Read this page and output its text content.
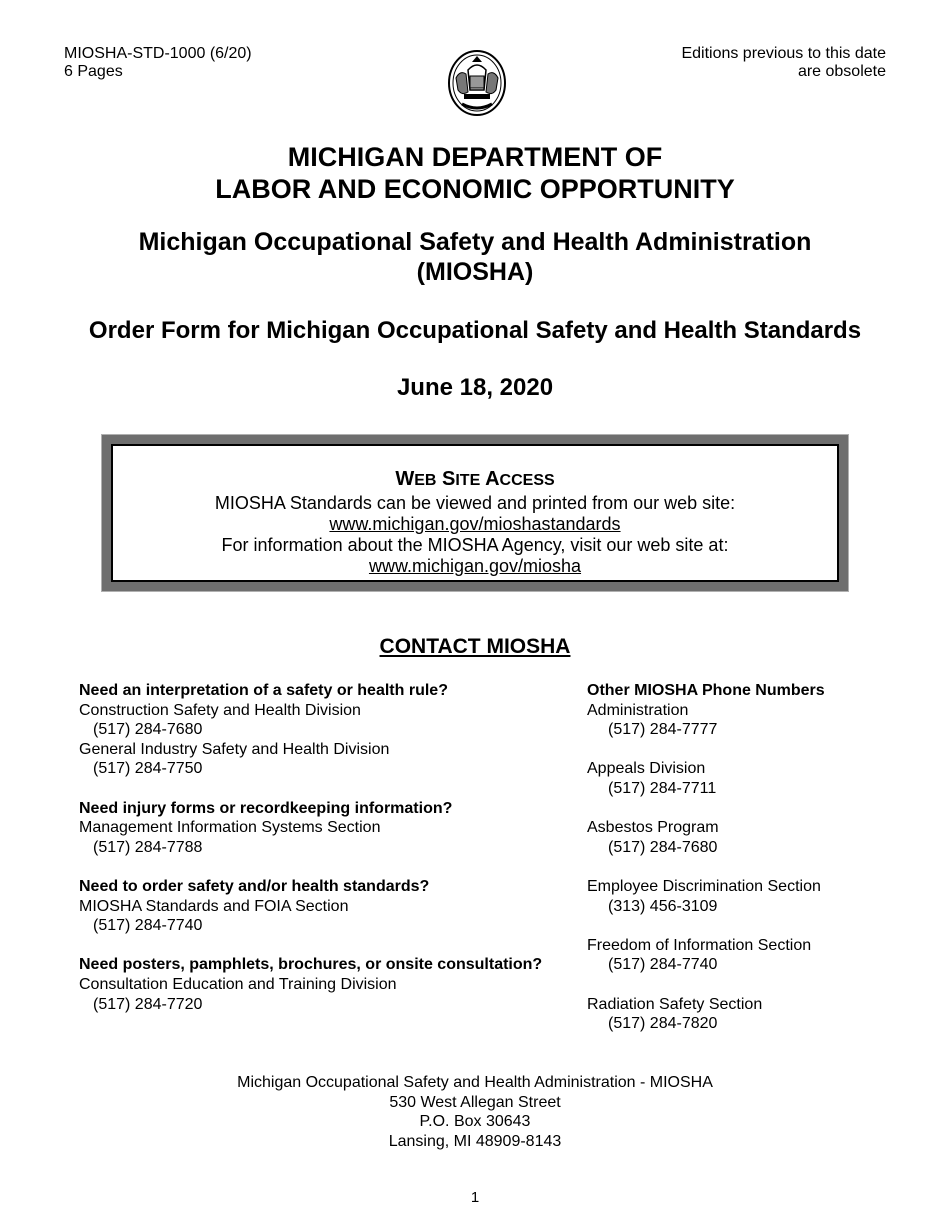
MIOSHA-STD-1000 (6/20)
6 Pages
Editions previous to this date
are obsolete
MICHIGAN DEPARTMENT OF
LABOR AND ECONOMIC OPPORTUNITY
Michigan Occupational Safety and Health Administration
(MIOSHA)
Order Form for Michigan Occupational Safety and Health Standards
June 18, 2020
WEB SITE ACCESS
MIOSHA Standards can be viewed and printed from our web site:
www.michigan.gov/mioshastandards
For information about the MIOSHA Agency, visit our web site at:
www.michigan.gov/miosha
CONTACT MIOSHA
Need an interpretation of a safety or health rule?
Construction Safety and Health Division
(517) 284-7680
General Industry Safety and Health Division
(517) 284-7750
Need injury forms or recordkeeping information?
Management Information Systems Section
(517) 284-7788
Need to order safety and/or health standards?
MIOSHA Standards and FOIA Section
(517) 284-7740
Need posters, pamphlets, brochures, or onsite consultation?
Consultation Education and Training Division
(517) 284-7720
Other MIOSHA Phone Numbers
Administration
(517) 284-7777
Appeals Division
(517) 284-7711
Asbestos Program
(517) 284-7680
Employee Discrimination Section
(313) 456-3109
Freedom of Information Section
(517) 284-7740
Radiation Safety Section
(517) 284-7820
Michigan Occupational Safety and Health Administration - MIOSHA
530 West Allegan Street
P.O. Box 30643
Lansing, MI 48909-8143
1
